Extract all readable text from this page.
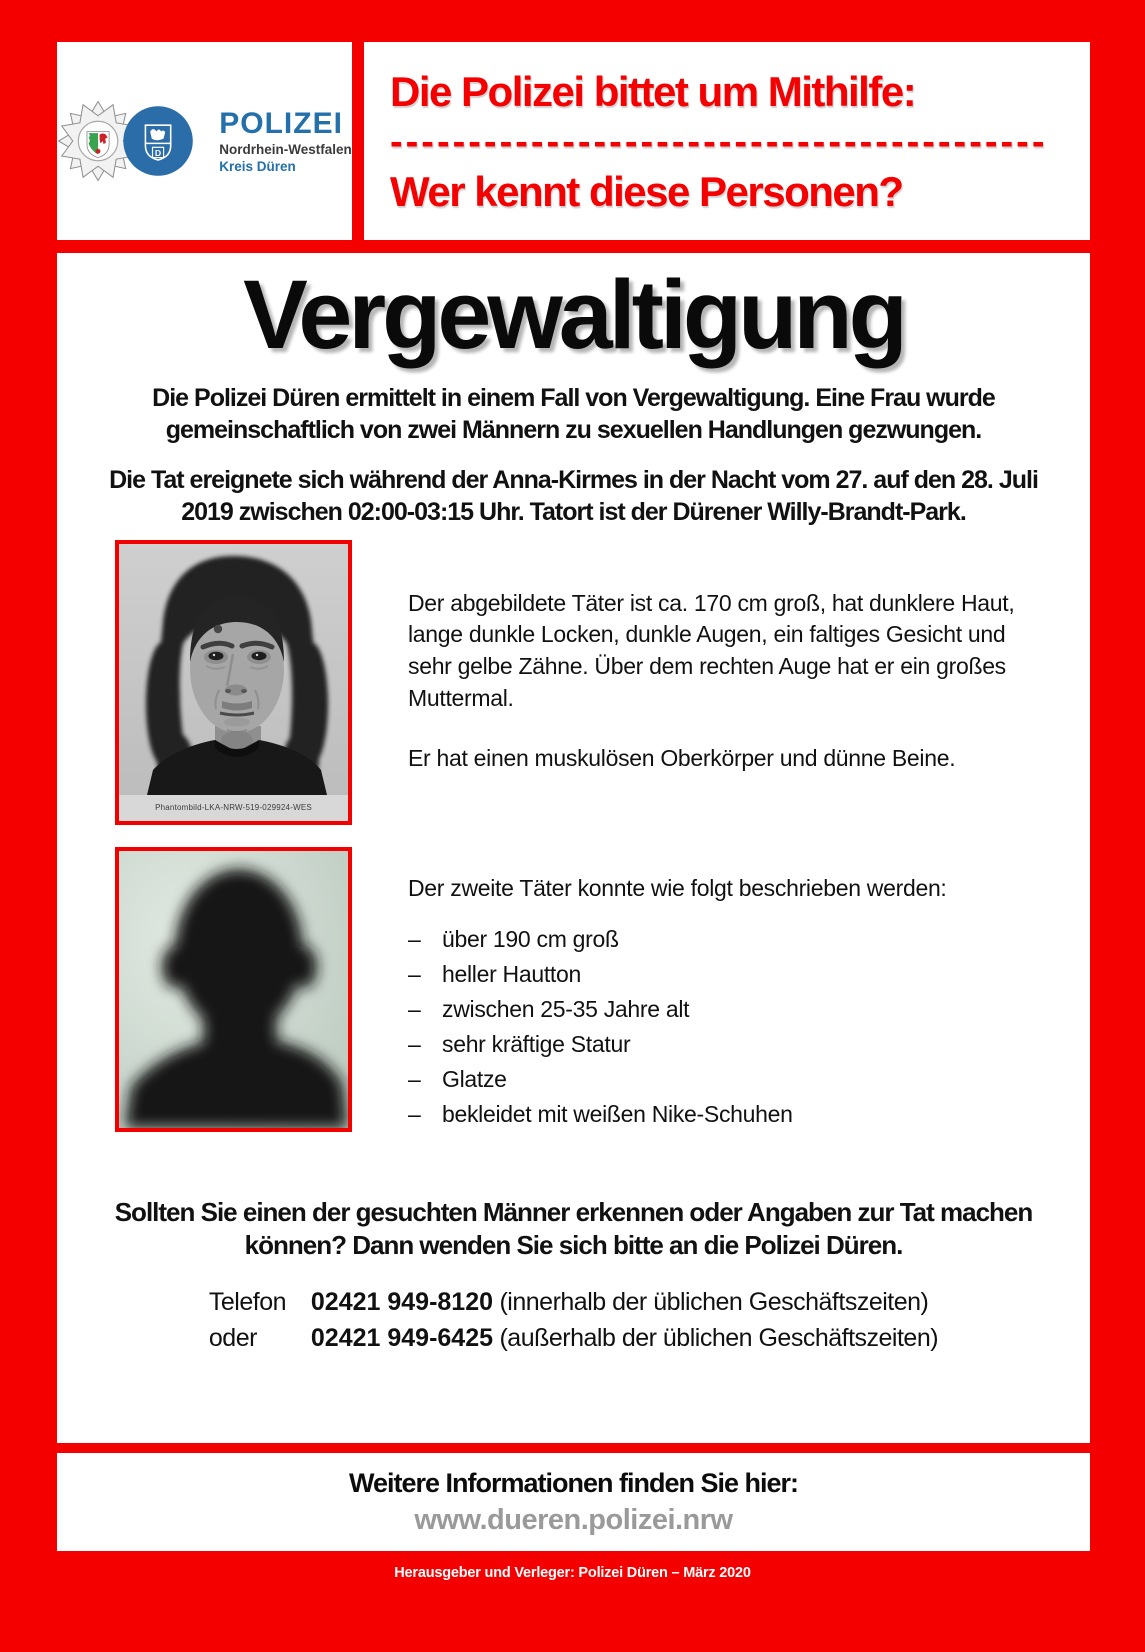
D
POLIZEI
Nordrhein-Westfalen
Kreis Düren
Die Polizei bittet um Mithilfe:
------------------------------------------
Wer kennt diese Personen?
Vergewaltigung

Die Polizei Düren ermittelt in einem Fall von Vergewaltigung. Eine Frau wurde gemeinschaftlich von zwei Männern zu sexuellen Handlungen gezwungen.

Die Tat ereignete sich während der Anna-Kirmes in der Nacht vom 27. auf den 28. Juli 2019 zwischen 02:00-03:15 Uhr. Tatort ist der Dürener Willy-Brandt-Park.

Phantombild-LKA-NRW-519-029924-WES

Der abgebildete Täter ist ca. 170 cm groß, hat dunklere Haut, lange dunkle Locken, dunkle Augen, ein faltiges Gesicht und sehr gelbe Zähne. Über dem rechten Auge hat er ein großes Muttermal.

Er hat einen muskulösen Oberkörper und dünne Beine.

Der zweite Täter konnte wie folgt beschrieben werden:

– über 190 cm groß
– heller Hautton
– zwischen 25-35 Jahre alt
– sehr kräftige Statur
– Glatze
– bekleidet mit weißen Nike-Schuhen

Sollten Sie einen der gesuchten Männer erkennen oder Angaben zur Tat machen können? Dann wenden Sie sich bitte an die Polizei Düren.

Telefon 02421 949-8120 (innerhalb der üblichen Geschäftszeiten)
oder 02421 949-6425 (außerhalb der üblichen Geschäftszeiten)
Weitere Informationen finden Sie hier:
www.dueren.polizei.nrw
Herausgeber und Verleger: Polizei Düren – März 2020
